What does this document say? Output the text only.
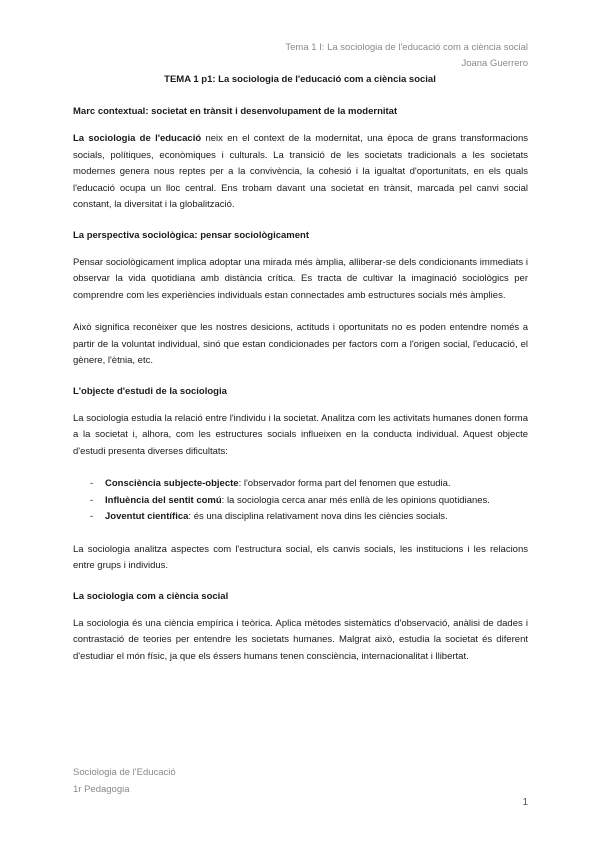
Tema 1 I: La sociologia de l'educació com a ciència social
Joana Guerrero
TEMA 1 p1: La sociologia de l'educació com a ciència social
Marc contextual: societat en trànsit i desenvolupament de la modernitat

La sociologia de l'educació neix en el context de la modernitat, una època de grans transformacions socials, polítiques, econòmiques i culturals. La transició de les societats tradicionals a les societats modernes genera nous reptes per a la convivència, la cohesió i la igualtat d'oportunitats, en els quals l'educació ocupa un lloc central. Ens trobam davant una societat en trànsit, marcada pel canvi social constant, la diversitat i la globalització.

La perspectiva sociològica: pensar sociològicament

Pensar sociològicament implica adoptar una mirada més àmplia, alliberar-se dels condicionants immediats i observar la vida quotidiana amb distància crítica. Es tracta de cultivar la imaginació sociològics per comprendre com les experiències individuals estan connectades amb estructures socials més àmplies.

Això significa reconèixer que les nostres desicions, actituds i oportunitats no es poden entendre només a partir de la voluntat individual, sinó que estan condicionades per factors com a l'origen social, l'educació, el gènere, l'ètnia, etc.

L'objecte d'estudi de la sociologia

La sociologia estudia la relació entre l'individu i la societat. Analitza com les activitats humanes donen forma a la societat i, alhora, com les estructures socials influeixen en la conducta individual. Aquest objecte d'estudi presenta diverses dificultats:

- Consciència subjecte-objecte: l'observador forma part del fenomen que estudia.
- Influència del sentit comú: la sociologia cerca anar més enllà de les opinions quotidianes.
- Joventut científica: és una disciplina relativament nova dins les ciències socials.

La sociologia analitza aspectes com l'estructura social, els canvis socials, les institucions i les relacions entre grups i individus.

La sociologia com a ciència social

La sociologia és una ciència empírica i teòrica. Aplica mètodes sistemàtics d'observació, anàlisi de dades i contrastació de teories per entendre les societats humanes. Malgrat això, estudia la societat és diferent d'estudiar el món físic, ja que els éssers humans tenen consciència, internacionalitat i llibertat.

Sociologia de l'Educació
1r Pedagogia
1
